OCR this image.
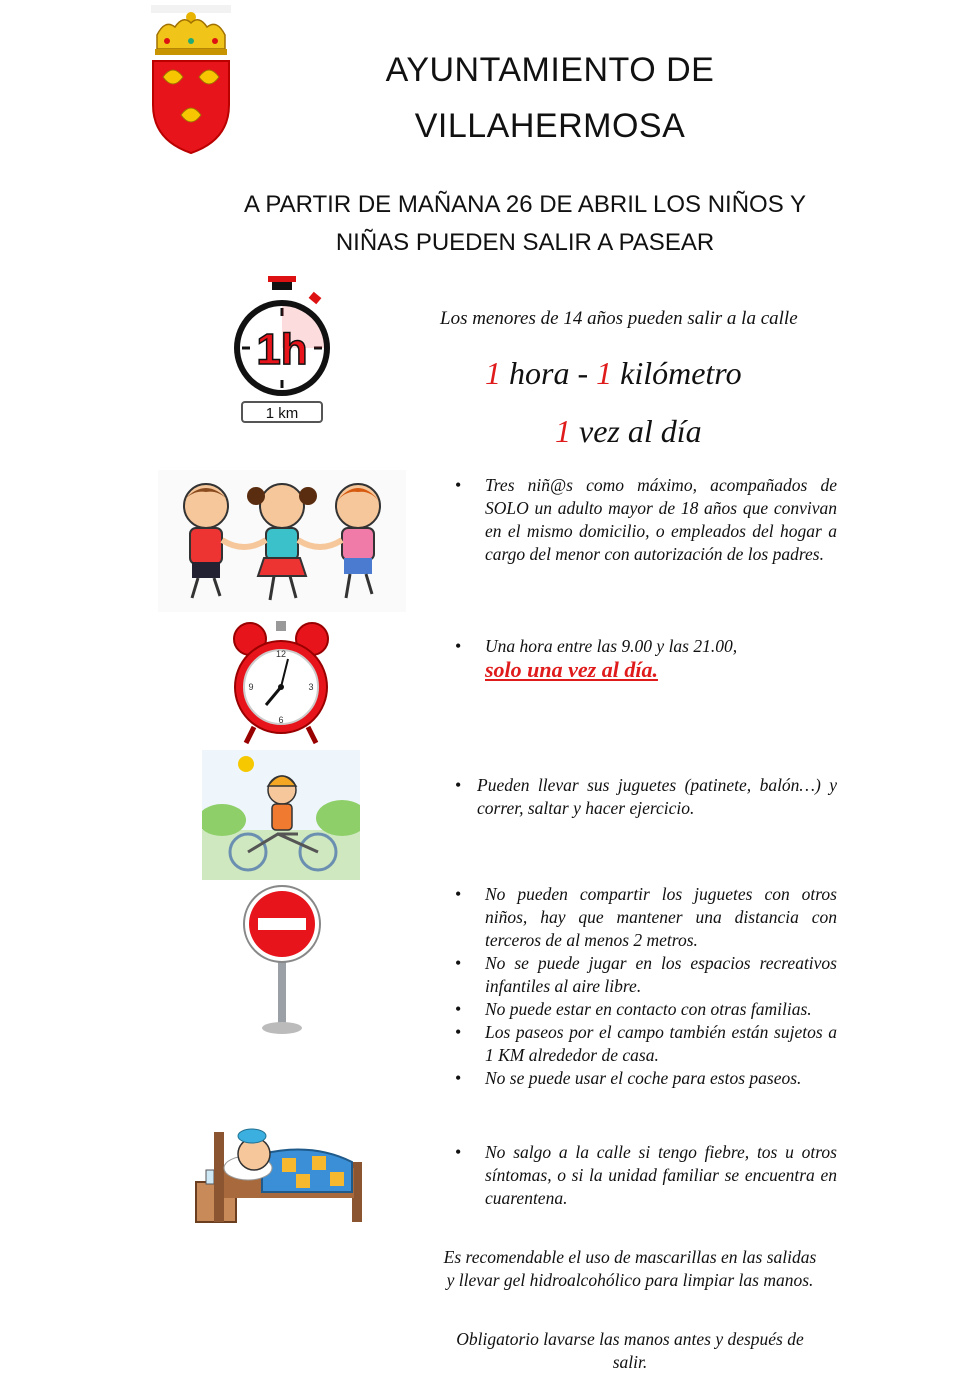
AYUNTAMIENTO DE
VILLAHERMOSA
A PARTIR DE MAÑANA 26 DE ABRIL LOS NIÑOS Y
NIÑAS PUEDEN SALIR A PASEAR
1h
1 km
Los menores de 14 años pueden salir a la calle
1 hora - 1 kilómetro
1 vez al día
• Tres niñ@s como máximo, acompañados de SOLO un adulto mayor de 18 años que convivan en el mismo domicilio, o empleados del hogar a cargo del menor con autorización de los padres.
12
3
6
9
• Una hora entre las 9.00 y las 21.00,
solo una vez al día.
• Pueden llevar sus juguetes (patinete, balón…) y correr, saltar y hacer ejercicio.
• No pueden compartir los juguetes con otros niños, hay que mantener una distancia con terceros de al menos 2 metros.
• No se puede jugar en los espacios recreativos infantiles al aire libre.
• No puede estar en contacto con otras familias.
• Los paseos por el campo también están sujetos a 1 KM alrededor de casa.
• No se puede usar el coche para estos paseos.
• No salgo a la calle si tengo fiebre, tos u otros síntomas, o si la unidad familiar se encuentra en cuarentena.
Es recomendable el uso de mascarillas en las salidas y llevar gel hidroalcohólico para limpiar las manos.
Obligatorio lavarse las manos antes y después de salir.
